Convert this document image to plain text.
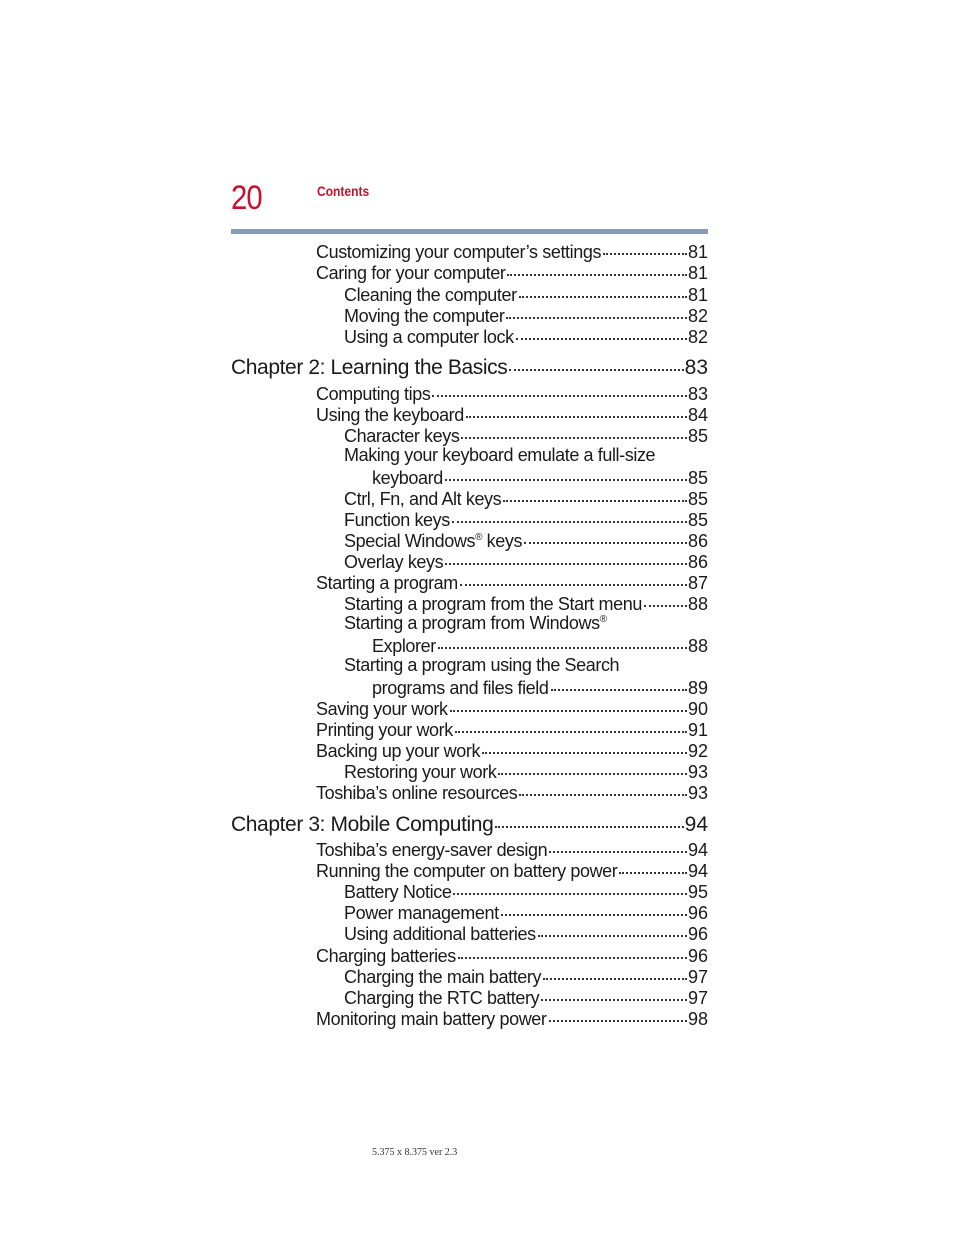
20	Contents
Customizing your computer’s settings	81
Caring for your computer	81
Cleaning the computer	81
Moving the computer	82
Using a computer lock	82
Chapter 2: Learning the Basics	83
Computing tips	83
Using the keyboard	84
Character keys	85
Making your keyboard emulate a full-size
keyboard	85
Ctrl, Fn, and Alt keys	85
Function keys	85
Special Windows® keys	86
Overlay keys	86
Starting a program	87
Starting a program from the Start menu	88
Starting a program from Windows®
Explorer	88
Starting a program using the Search
programs and files field	89
Saving your work	90
Printing your work	91
Backing up your work	92
Restoring your work	93
Toshiba’s online resources	93
Chapter 3: Mobile Computing	94
Toshiba’s energy-saver design	94
Running the computer on battery power	94
Battery Notice	95
Power management	96
Using additional batteries	96
Charging batteries	96
Charging the main battery	97
Charging the RTC battery	97
Monitoring main battery power	98
5.375 x 8.375 ver 2.3
